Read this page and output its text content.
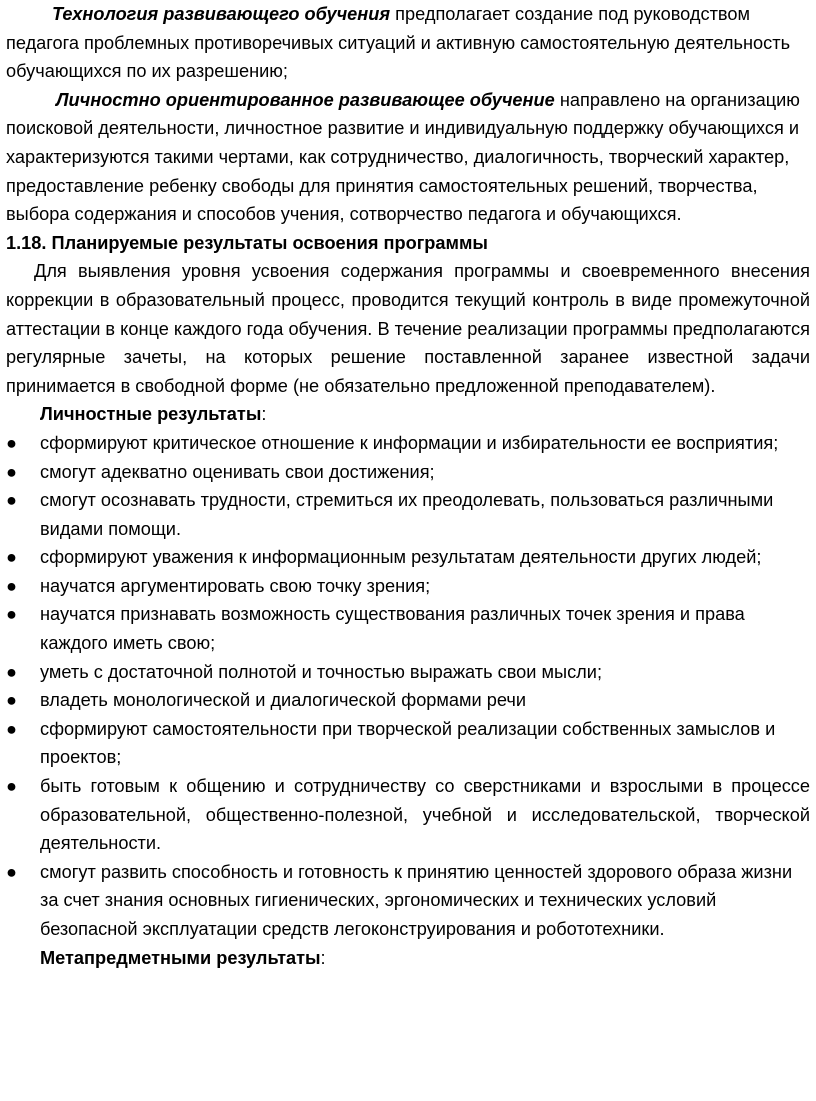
Технология развивающего обучения предполагает создание под руководством педагога проблемных противоречивых ситуаций и активную самостоятельную деятельность обучающихся по их разрешению;

Личностно ориентированное развивающее обучение направлено на организацию поисковой деятельности, личностное развитие и индивидуальную поддержку обучающихся и характеризуются такими чертами, как сотрудничество, диалогичность, творческий характер, предоставление ребенку свободы для принятия самостоятельных решений, творчества, выбора содержания и способов учения, сотворчество педагога и обучающихся.

1.18. Планируемые результаты освоения программы

Для выявления уровня усвоения содержания программы и своевременного внесения коррекции в образовательный процесс, проводится текущий контроль в виде промежуточной аттестации в конце каждого года обучения. В течение реализации программы предполагаются регулярные зачеты, на которых решение поставленной заранее известной задачи принимается в свободной форме (не обязательно предложенной преподавателем).

Личностные результаты:

●	сформируют критическое отношение к информации и избирательности ее восприятия;
●	смогут адекватно оценивать свои достижения;
●	смогут осознавать трудности, стремиться их преодолевать, пользоваться различными видами помощи.
●	сформируют уважения к информационным результатам деятельности других людей;
●	научатся аргументировать свою точку зрения;
●	научатся признавать возможность существования различных точек зрения и права каждого иметь свою;
●	уметь с достаточной полнотой и точностью выражать свои мысли;
●	владеть монологической и диалогической формами речи
●	сформируют самостоятельности при творческой реализации собственных замыслов и проектов;
●	быть готовым к общению и сотрудничеству со сверстниками и взрослыми в процессе образовательной, общественно-полезной, учебной и исследовательской, творческой деятельности.
●	смогут развить способность и готовность к принятию ценностей здорового образа жизни за счет знания основных гигиенических, эргономических и технических условий безопасной эксплуатации средств легоконструирования и робототехники.

Метапредметными результаты:
